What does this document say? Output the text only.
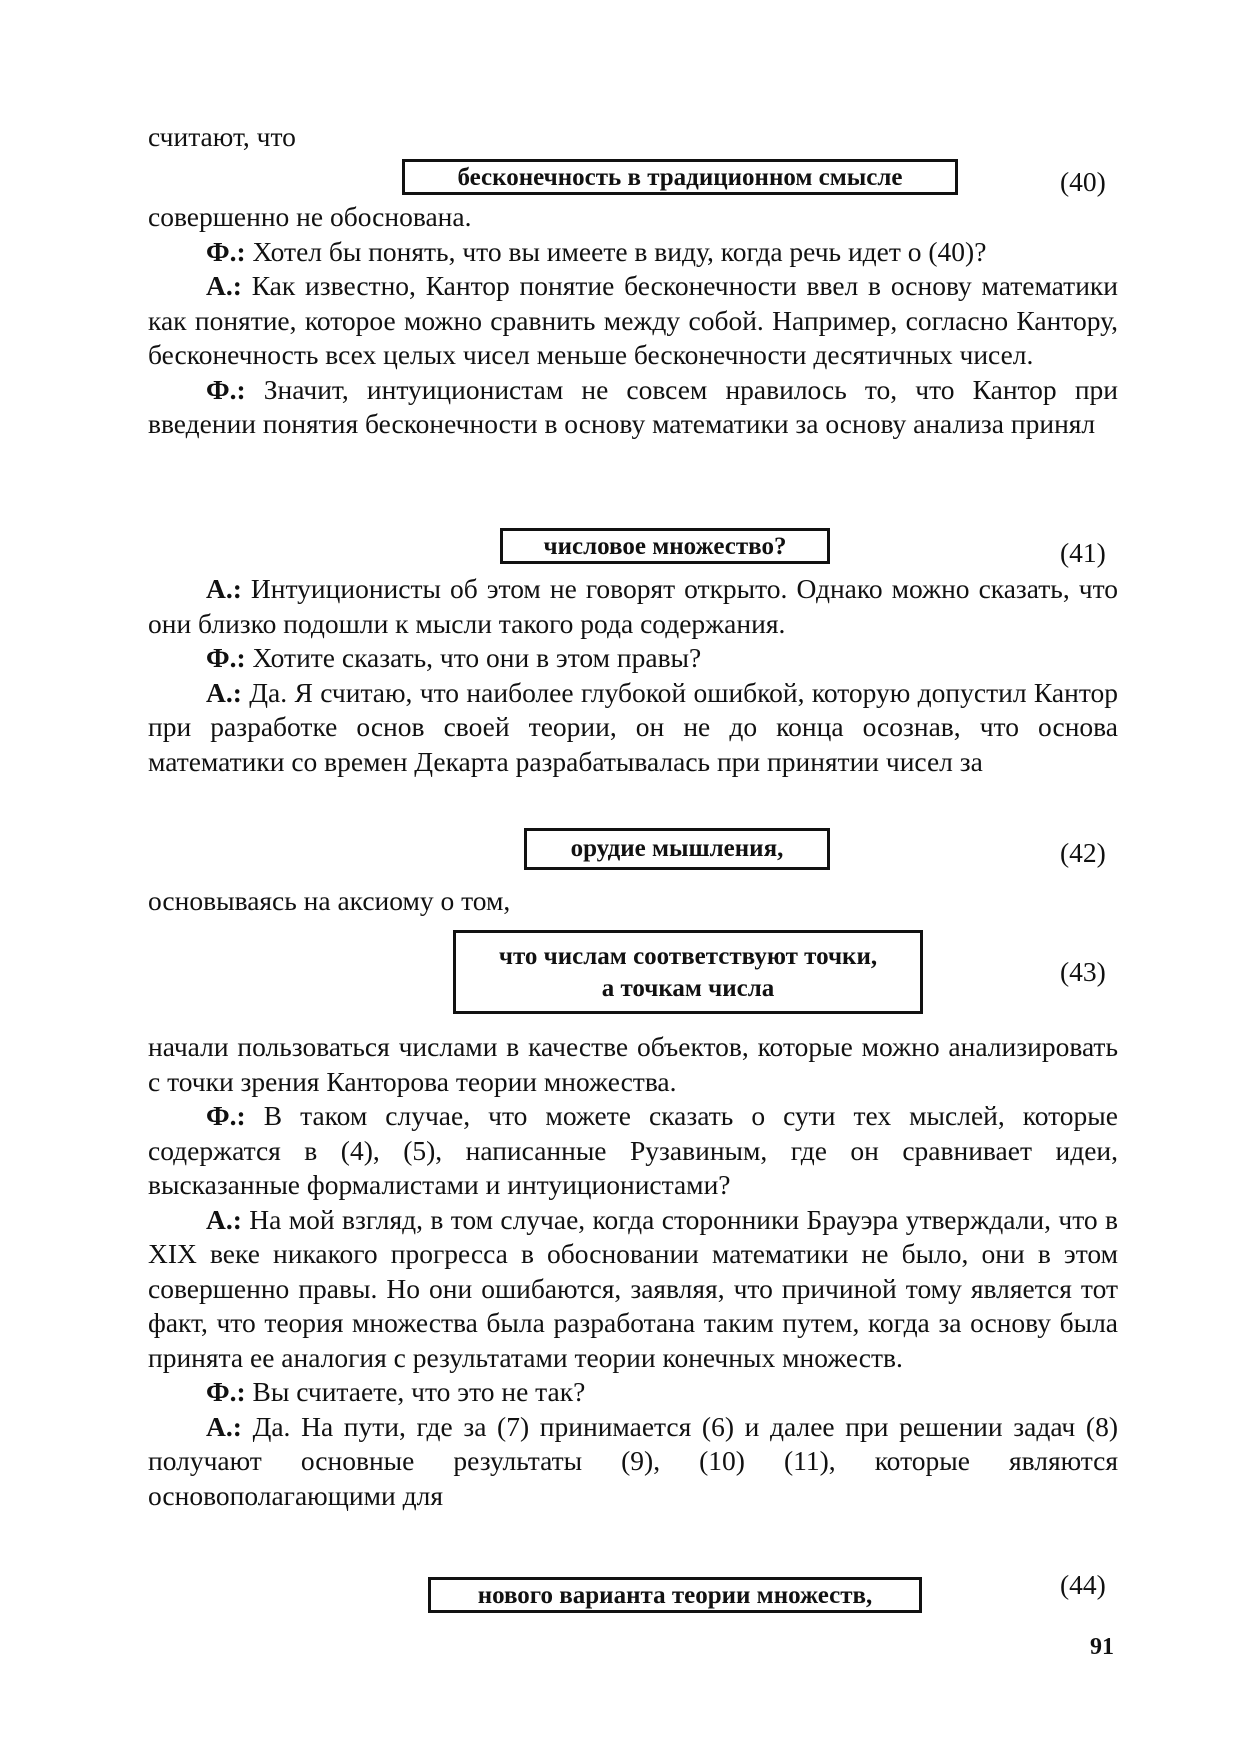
считают, что

бесконечность в традиционном смысле	(40)

совершенно не обоснована.

Ф.: Хотел бы понять, что вы имеете в виду, когда речь идет о (40)?

А.: Как известно, Кантор понятие бесконечности ввел в основу математики как понятие, которое можно сравнить между собой. Например, согласно Кантору, бесконечность всех целых чисел меньше бесконечности десятичных чисел.

Ф.: Значит, интуиционистам не совсем нравилось то, что Кантор при введении понятия бесконечности в основу математики за основу анализа принял

числовое множество?	(41)

А.: Интуиционисты об этом не говорят открыто. Однако можно сказать, что они близко подошли к мысли такого рода содержания.

Ф.: Хотите сказать, что они в этом правы?

А.: Да. Я считаю, что наиболее глубокой ошибкой, которую допустил Кантор при разработке основ своей теории, он не до конца осознав, что основа математики со времен Декарта разрабатывалась при принятии чисел за

орудие мышления,	(42)

основываясь на аксиому о том,

что числам соответствуют точки,
а точкам числа
(43)

начали пользоваться числами в качестве объектов, которые можно анализировать с точки зрения Канторова теории множества.

Ф.: В таком случае, что можете сказать о сути тех мыслей, которые содержатся в (4), (5), написанные Рузавиным, где он сравнивает идеи, высказанные формалистами и интуиционистами?

А.: На мой взгляд, в том случае, когда сторонники Брауэра утверждали, что в XIX веке никакого прогресса в обосновании математики не было, они в этом совершенно правы. Но они ошибаются, заявляя, что причиной тому является тот факт, что теория множества была разработана таким путем, когда за основу была принята ее аналогия с результатами теории конечных множеств.

Ф.: Вы считаете, что это не так?

А.: Да. На пути, где за (7) принимается (6) и далее при решении задач (8) получают основные результаты (9), (10) (11), которые являются основополагающими для

нового варианта теории множеств,	(44)
91
